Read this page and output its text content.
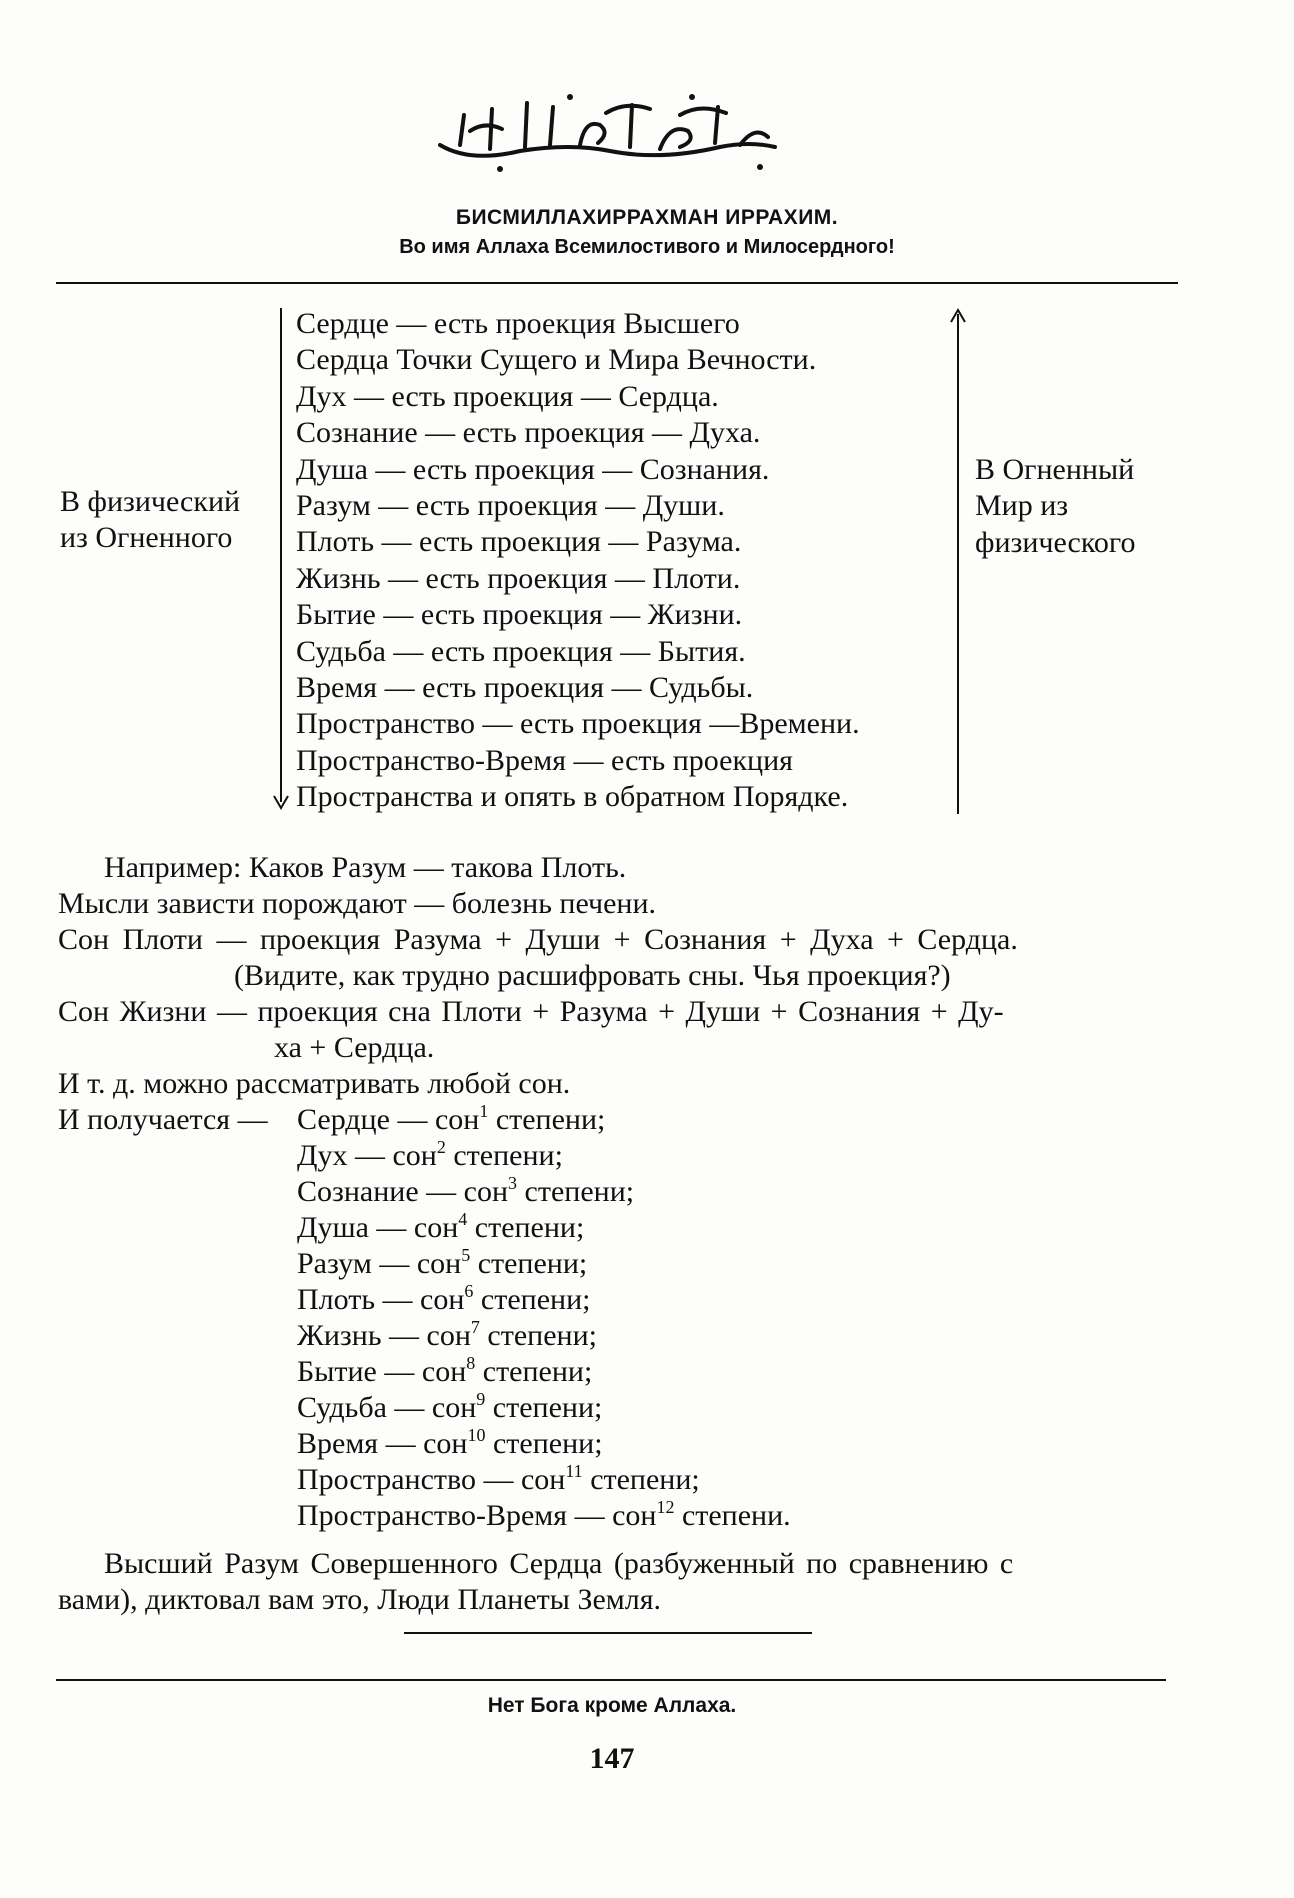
БИСМИЛЛАХИРРАХМАН ИРРАХИМ.
Во имя Аллаха Всемилостивого и Милосердного!
В физический
из Огненного
Сердце — есть проекция Высшего
Сердца Точки Сущего и Мира Вечности.
Дух — есть проекция — Сердца.
Сознание — есть проекция — Духа.
Душа — есть проекция — Сознания.
Разум — есть проекция — Души.
Плоть — есть проекция — Разума.
Жизнь — есть проекция — Плоти.
Бытие — есть проекция — Жизни.
Судьба — есть проекция — Бытия.
Время — есть проекция — Судьбы.
Пространство — есть проекция —Времени.
Пространство-Время — есть проекция
Пространства и опять в обратном Порядке.
В Огненный
Мир из
физического
Например: Каков Разум — такова Плоть.
Мысли зависти порождают — болезнь печени.
Сон Плоти — проекция Разума + Души + Сознания + Духа + Сердца.
(Видите, как трудно расшифровать сны. Чья проекция?)
Сон Жизни — проекция сна Плоти + Разума + Души + Сознания + Ду-
ха + Сердца.
И т. д. можно рассматривать любой сон.
И получается — Сердце — сон$^1$ степени;
Дух — сон$^2$ степени;
Сознание — сон$^3$ степени;
Душа — сон$^4$ степени;
Разум — сон$^5$ степени;
Плоть — сон$^6$ степени;
Жизнь — сон$^7$ степени;
Бытие — сон$^8$ степени;
Судьба — сон$^9$ степени;
Время — сон$^{10}$ степени;
Пространство — сон$^{11}$ степени;
Пространство-Время — сон$^{12}$ степени.
Высший Разум Совершенного Сердца (разбуженный по сравнению с
вами), диктовал вам это, Люди Планеты Земля.
Нет Бога кроме Аллаха.
147
